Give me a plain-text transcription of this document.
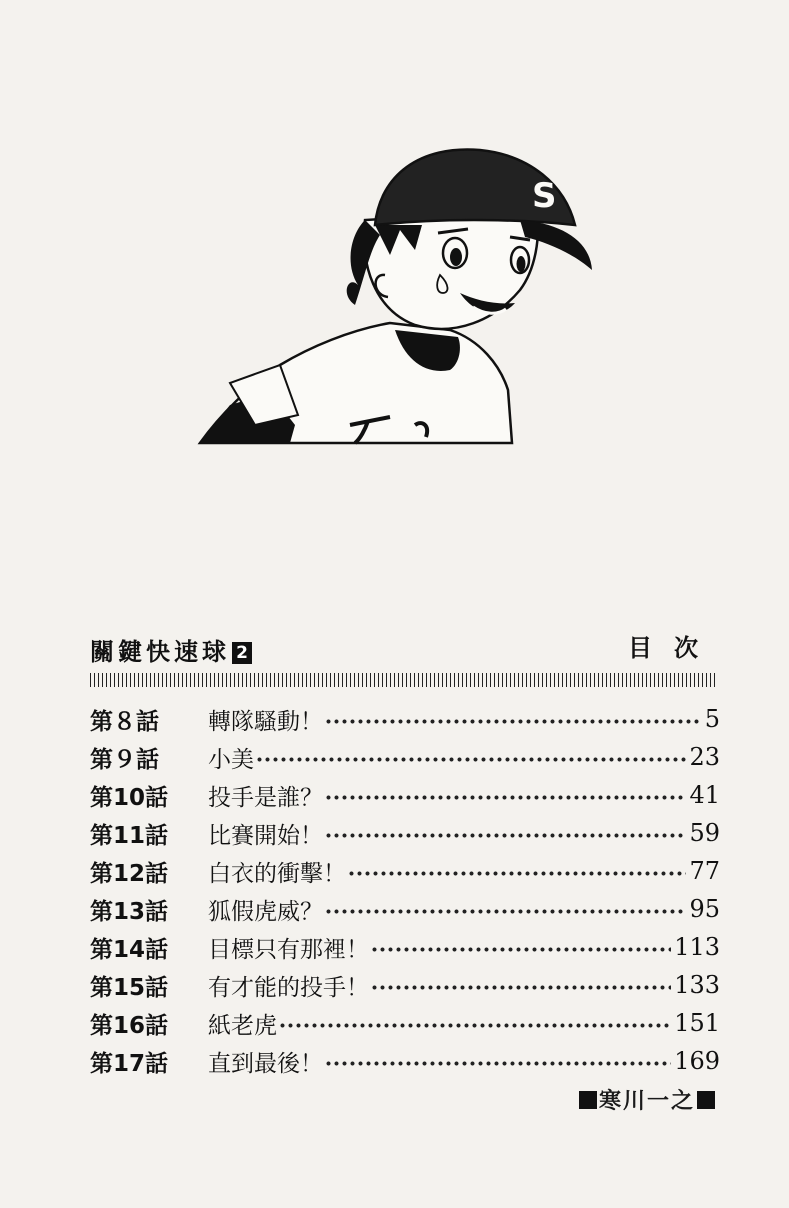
S
關鍵快速球 2	目次
第８話	轉隊騷動！	5
第９話	小美	23
第10話	投手是誰？	41
第11話	比賽開始！	59
第12話	白衣的衝擊！	77
第13話	狐假虎威？	95
第14話	目標只有那裡！	113
第15話	有才能的投手！	133
第16話	紙老虎	151
第17話	直到最後！	169
寒川一之
